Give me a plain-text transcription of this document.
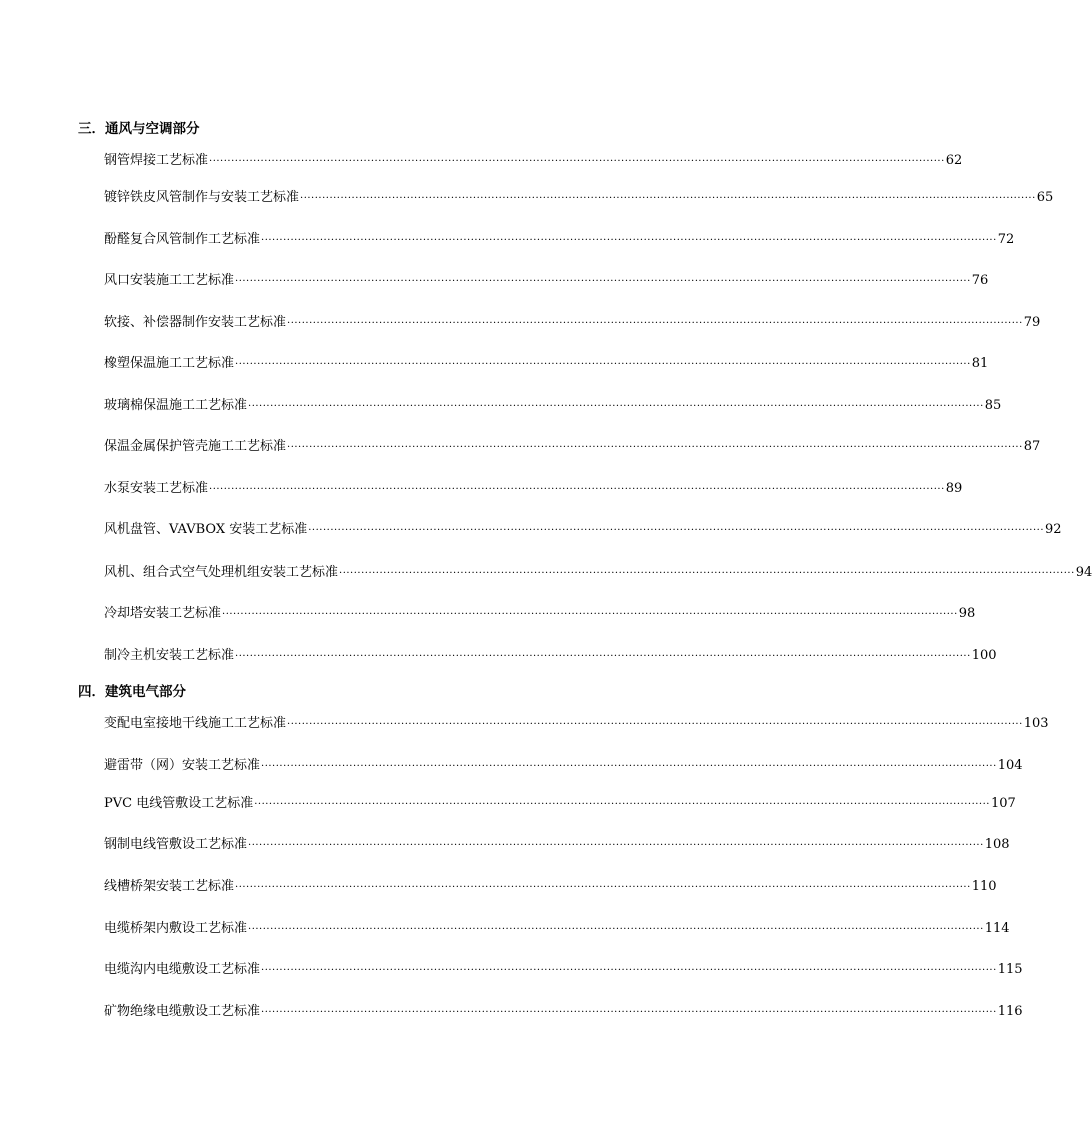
三．通风与空调部分
钢管焊接工艺标准 ········································································································································································································ 62
镀锌铁皮风管制作与安装工艺标准 ········································································································································································································ 65
酚醛复合风管制作工艺标准 ········································································································································································································ 72
风口安装施工工艺标准 ········································································································································································································ 76
软接、补偿器制作安装工艺标准 ········································································································································································································ 79
橡塑保温施工工艺标准 ········································································································································································································ 81
玻璃棉保温施工工艺标准 ········································································································································································································ 85
保温金属保护管壳施工工艺标准 ········································································································································································································ 87
水泵安装工艺标准 ········································································································································································································ 89
风机盘管、VAVBOX 安装工艺标准 ········································································································································································································ 92
风机、组合式空气处理机组安装工艺标准 ········································································································································································································ 94
冷却塔安装工艺标准 ········································································································································································································ 98
制冷主机安装工艺标准 ········································································································································································································ 100
四．建筑电气部分
变配电室接地干线施工工艺标准 ········································································································································································································ 103
避雷带（网）安装工艺标准 ········································································································································································································ 104
PVC 电线管敷设工艺标准 ········································································································································································································ 107
钢制电线管敷设工艺标准 ········································································································································································································ 108
线槽桥架安装工艺标准 ········································································································································································································ 110
电缆桥架内敷设工艺标准 ········································································································································································································ 114
电缆沟内电缆敷设工艺标准 ········································································································································································································ 115
矿物绝缘电缆敷设工艺标准 ········································································································································································································ 116
